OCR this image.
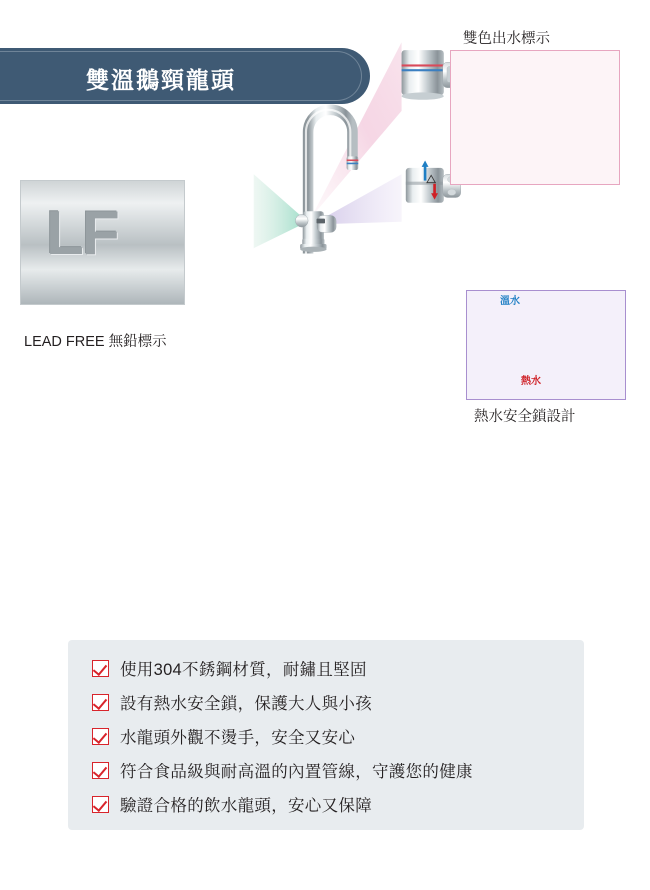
雙溫鵝頸龍頭
LF
LEAD FREE 無鉛標示
雙色出水標示
溫水
熱水
熱水安全鎖設計
使用304不銹鋼材質，耐鏽且堅固
設有熱水安全鎖，保護大人與小孩
水龍頭外觀不燙手，安全又安心
符合食品級與耐高溫的內置管線，守護您的健康
驗證合格的飲水龍頭，安心又保障
